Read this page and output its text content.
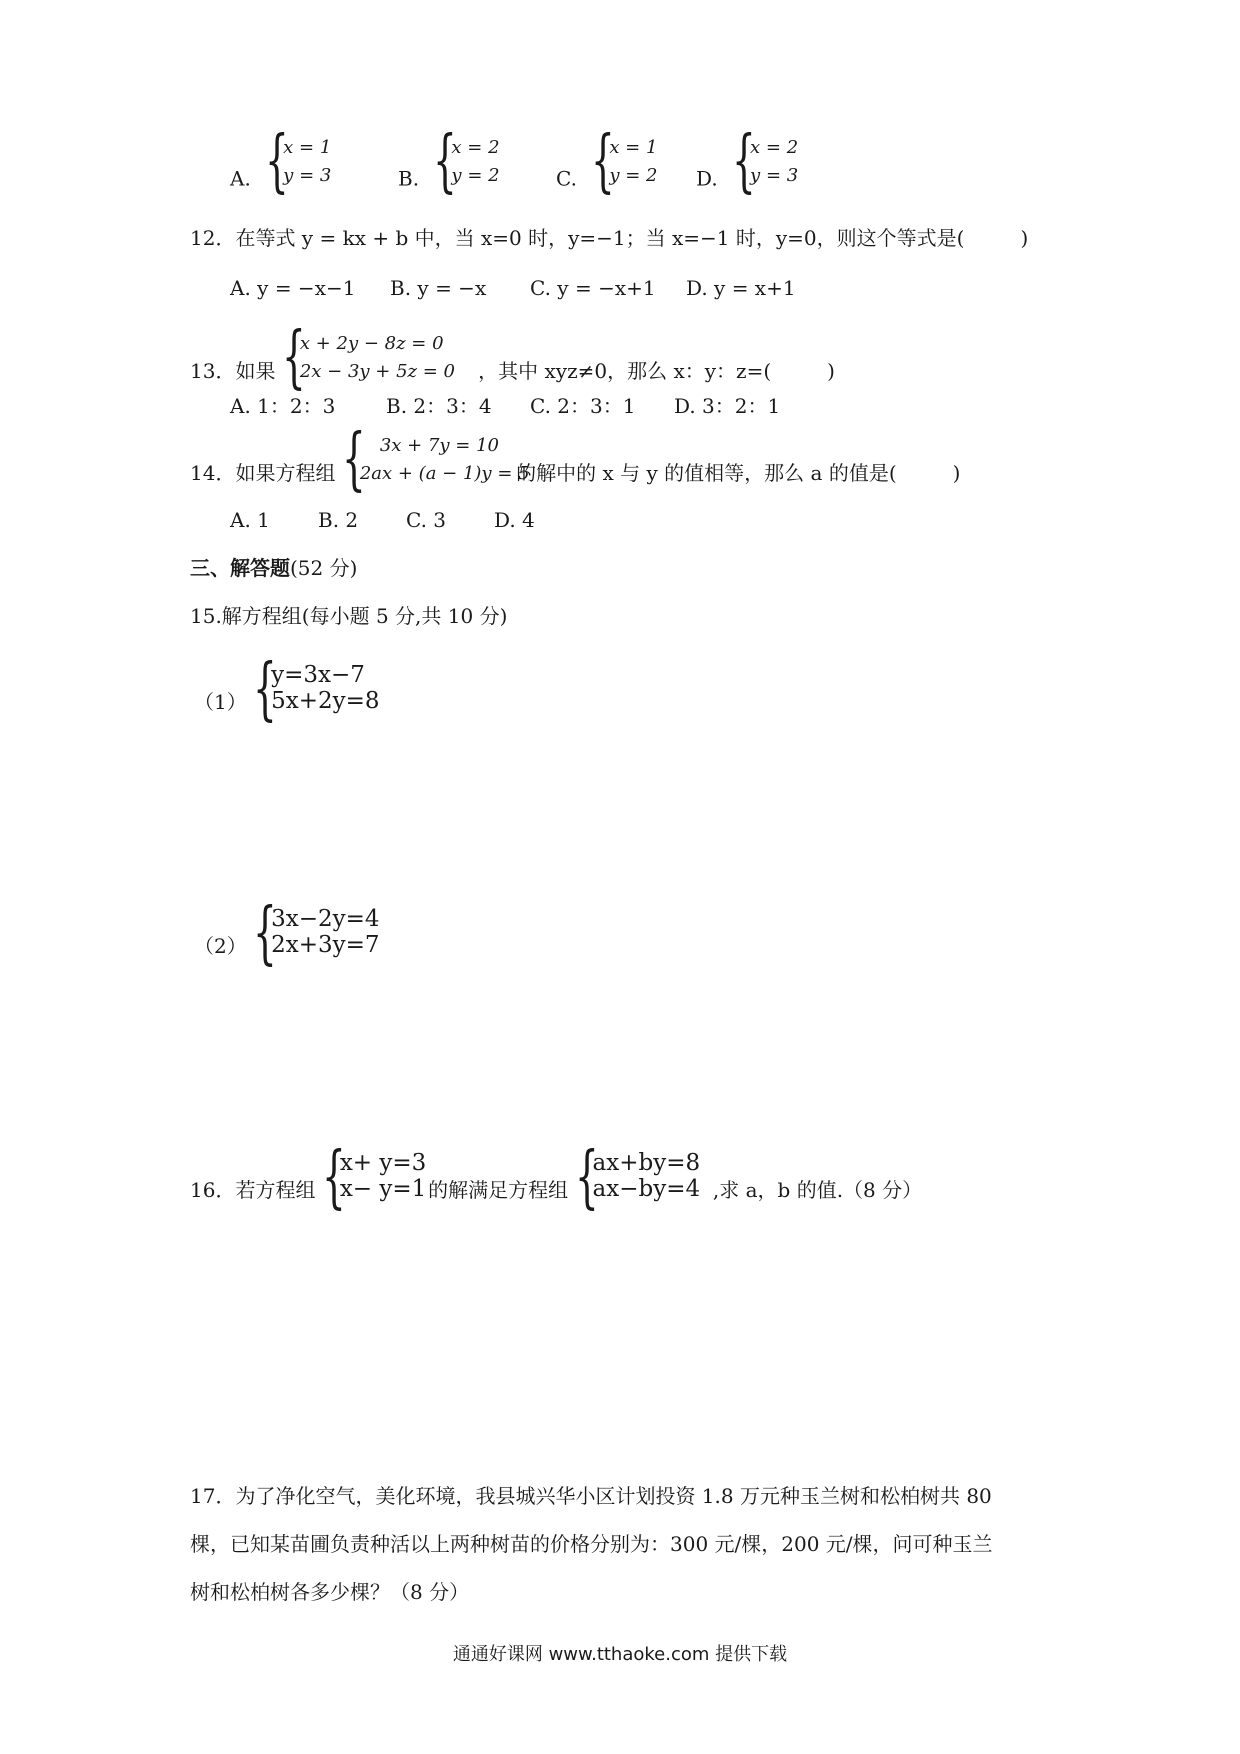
A. {
x = 1
y = 3	B. {
x = 2
y = 2	C. {
x = 1
y = 2 D. {
x = 2
y = 3
12．在等式 y = kx + b 中，当 x=0 时，y=−1；当 x=−1 时，y=0，则这个等式是(	)
A. y = −x−1 B. y = −x C. y = −x+1 D. y = x+1
13．如果 {
x + 2y − 8z = 0
2x − 3y + 5z = 0 ，其中 xyz≠0，那么 x：y：z=(	)
A. 1：2：3	B. 2：3：4 C. 2：3：1 D. 3：2：1
14．如果方程组 { 3x + 7y = 10
2ax + (a − 1)y = 5
的解中的 x 与 y 的值相等，那么 a 的值是(	)
A. 1 B. 2 C. 3 D. 4
三、解答题(52 分)
15.解方程组(每小题 5 分,共 10 分)
（1） {
y=3x−7
5x+2y=8
（2） {
3x−2y=4
2x+3y=7
16．若方程组 {
x+ y=3
x− y=1 的解满足方程组 {
ax+by=8
ax−by=4 ,求 a，b 的值.（8 分）
17．为了净化空气，美化环境，我县城兴华小区计划投资 1.8 万元种玉兰树和松柏树共 80
棵，已知某苗圃负责种活以上两种树苗的价格分别为：300 元/棵，200 元/棵，问可种玉兰
树和松柏树各多少棵？（8 分）
通通好课网 www.tthaoke.com 提供下载
